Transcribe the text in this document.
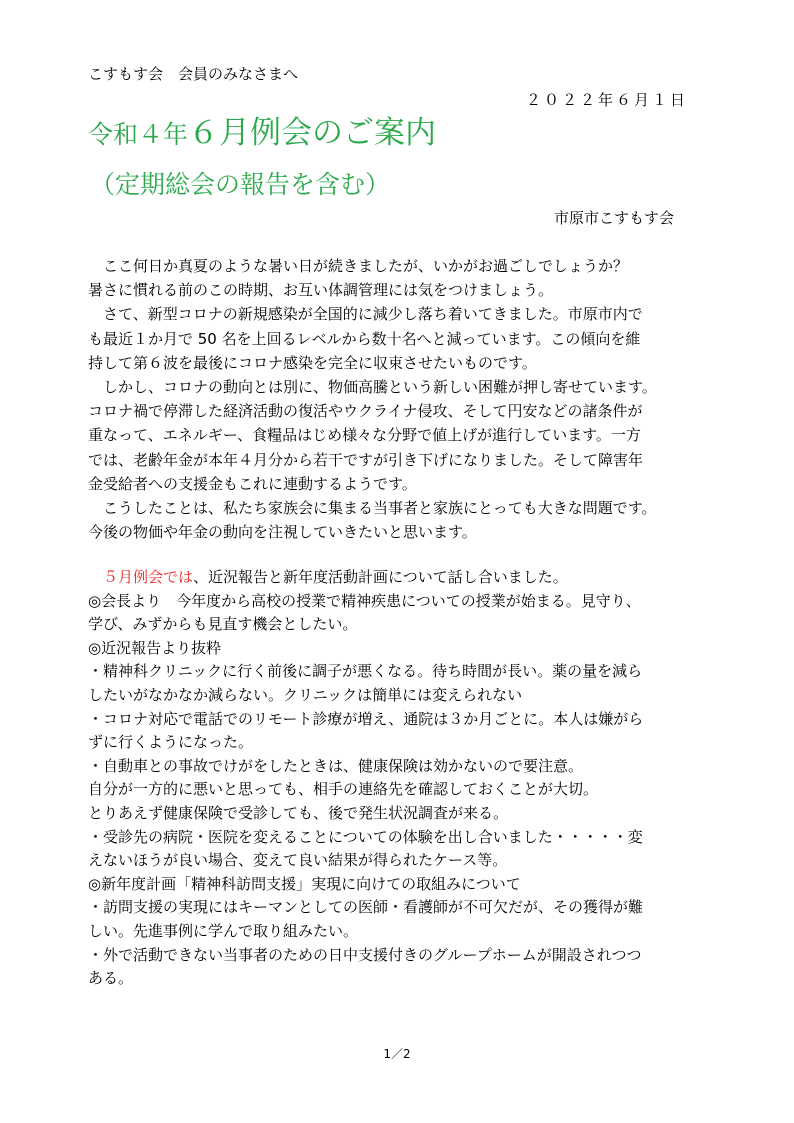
こすもす会　会員のみなさまへ
２０２２年６月１日
令和４年６月例会のご案内
（定期総会の報告を含む）
市原市こすもす会

　ここ何日か真夏のような暑い日が続きましたが、いかがお過ごしでしょうか？

暑さに慣れる前のこの時期、お互い体調管理には気をつけましょう。

　さて、新型コロナの新規感染が全国的に減少し落ち着いてきました。市原市内で

も最近１か月で 50 名を上回るレベルから数十名へと減っています。この傾向を維

持して第６波を最後にコロナ感染を完全に収束させたいものです。

　しかし、コロナの動向とは別に、物価高騰という新しい困難が押し寄せています。

コロナ禍で停滞した経済活動の復活やウクライナ侵攻、そして円安などの諸条件が

重なって、エネルギー、食糧品はじめ様々な分野で値上げが進行しています。一方

では、老齢年金が本年４月分から若干ですが引き下げになりました。そして障害年

金受給者への支援金もこれに連動するようです。

　こうしたことは、私たち家族会に集まる当事者と家族にとっても大きな問題です。

今後の物価や年金の動向を注視していきたいと思います。

　５月例会では、近況報告と新年度活動計画について話し合いました。

◎会長より　今年度から高校の授業で精神疾患についての授業が始まる。見守り、

学び、みずからも見直す機会としたい。

◎近況報告より抜粋

・精神科クリニックに行く前後に調子が悪くなる。待ち時間が長い。薬の量を減ら

したいがなかなか減らない。クリニックは簡単には変えられない

・コロナ対応で電話でのリモート診療が増え、通院は３か月ごとに。本人は嫌がら

ずに行くようになった。

・自動車との事故でけがをしたときは、健康保険は効かないので要注意。

自分が一方的に悪いと思っても、相手の連絡先を確認しておくことが大切。

とりあえず健康保険で受診しても、後で発生状況調査が来る。

・受診先の病院・医院を変えることについての体験を出し合いました・・・・・変

えないほうが良い場合、変えて良い結果が得られたケース等。

◎新年度計画「精神科訪問支援」実現に向けての取組みについて

・訪問支援の実現にはキーマンとしての医師・看護師が不可欠だが、その獲得が難

しい。先進事例に学んで取り組みたい。

・外で活動できない当事者のための日中支援付きのグループホームが開設されつつ

ある。

1／2
